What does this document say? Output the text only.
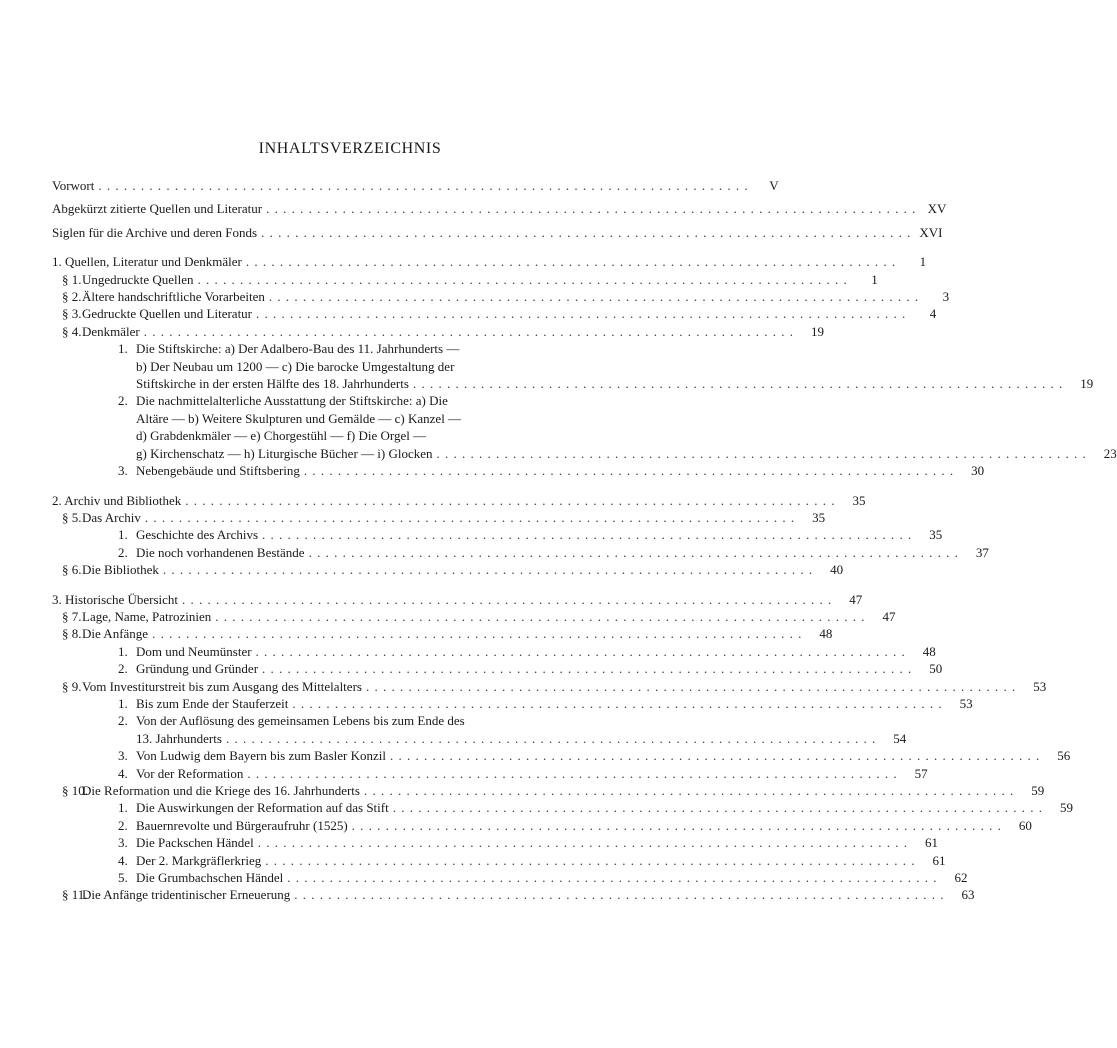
INHALTSVERZEICHNIS
Vorwort . . .	V
Abgekürzt zitierte Quellen und Literatur . . .	XV
Siglen für die Archive und deren Fonds . . .	XVI
1. Quellen, Literatur und Denkmäler . . .	1
§ 1.Ungedruckte Quellen . . .	1
§ 2.Ältere handschriftliche Vorarbeiten . . .	3
§ 3.Gedruckte Quellen und Literatur . . .	4
§ 4.Denkmäler . . .	19
1. Die Stiftskirche: a) Der Adalbero-Bau des 11. Jahrhunderts —
b) Der Neubau um 1200 — c) Die barocke Umgestaltung der
Stiftskirche in der ersten Hälfte des 18. Jahrhunderts . . .	19
2. Die nachmittelalterliche Ausstattung der Stiftskirche: a) Die
Altäre — b) Weitere Skulpturen und Gemälde — c) Kanzel —
d) Grabdenkmäler — e) Chorgestühl — f) Die Orgel —
g) Kirchenschatz — h) Liturgische Bücher — i) Glocken . . .	23
3. Nebengebäude und Stiftsbering . . .	30
2. Archiv und Bibliothek . . .	35
§ 5.Das Archiv . . .	35
1. Geschichte des Archivs . . .	35
2. Die noch vorhandenen Bestände . . .	37
§ 6.Die Bibliothek . . .	40
3. Historische Übersicht . . .	47
§ 7.Lage, Name, Patrozinien . . .	47
§ 8.Die Anfänge . . .	48
1. Dom und Neumünster . . .	48
2. Gründung und Gründer . . .	50
§ 9.Vom Investiturstreit bis zum Ausgang des Mittelalters . . .	53
1. Bis zum Ende der Stauferzeit . . .	53
2. Von der Auflösung des gemeinsamen Lebens bis zum Ende des
13. Jahrhunderts . . .	54
3. Von Ludwig dem Bayern bis zum Basler Konzil . . .	56
4. Vor der Reformation . . .	57
§ 10.Die Reformation und die Kriege des 16. Jahrhunderts . . .	59
1. Die Auswirkungen der Reformation auf das Stift . . .	59
2. Bauernrevolte und Bürgeraufruhr (1525) . . .	60
3. Die Packschen Händel . . .	61
4. Der 2. Markgräflerkrieg . . .	61
5. Die Grumbachschen Händel . . .	62
§ 11.Die Anfänge tridentinischer Erneuerung . . .	63
